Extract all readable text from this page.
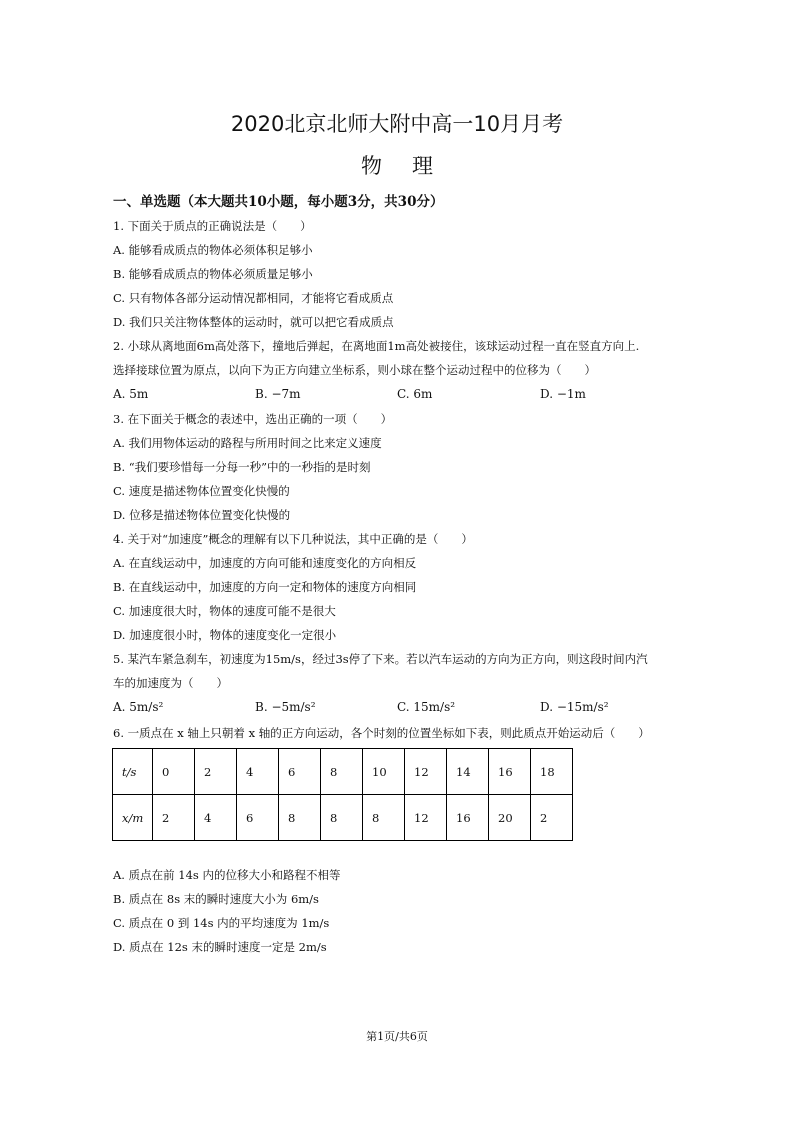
2020北京北师大附中高一10月月考
物理
一、单选题（本大题共10小题，每小题3分，共30分）
1. 下面关于质点的正确说法是（　　）
A. 能够看成质点的物体必须体积足够小
B. 能够看成质点的物体必须质量足够小
C. 只有物体各部分运动情况都相同，才能将它看成质点
D. 我们只关注物体整体的运动时，就可以把它看成质点
2. 小球从离地面6m高处落下，撞地后弹起，在离地面1m高处被接住，该球运动过程一直在竖直方向上.
选择接球位置为原点，以向下为正方向建立坐标系，则小球在整个运动过程中的位移为（　　）
A. 5m	B. −7m	C. 6m	D. −1m
3. 在下面关于概念的表述中，选出正确的一项（　　）
A. 我们用物体运动的路程与所用时间之比来定义速度
B. “我们要珍惜每一分每一秒”中的一秒指的是时刻
C. 速度是描述物体位置变化快慢的
D. 位移是描述物体位置变化快慢的
4. 关于对“加速度”概念的理解有以下几种说法，其中正确的是（　　）
A. 在直线运动中，加速度的方向可能和速度变化的方向相反
B. 在直线运动中，加速度的方向一定和物体的速度方向相同
C. 加速度很大时，物体的速度可能不是很大
D. 加速度很小时，物体的速度变化一定很小
5. 某汽车紧急刹车，初速度为15m/s，经过3s停了下来。若以汽车运动的方向为正方向，则这段时间内汽
车的加速度为（　　）
A. 5m/s²	B. −5m/s²	C. 15m/s²	D. −15m/s²
6. 一质点在 x 轴上只朝着 x 轴的正方向运动，各个时刻的位置坐标如下表，则此质点开始运动后（　　）
t/s	0	2	4	6	8	10	12	14	16	18
x/m	2	4	6	8	8	8	12	16	20	2
A. 质点在前 14s 内的位移大小和路程不相等
B. 质点在 8s 末的瞬时速度大小为 6m/s
C. 质点在 0 到 14s 内的平均速度为 1m/s
D. 质点在 12s 末的瞬时速度一定是 2m/s
第1页/共6页
